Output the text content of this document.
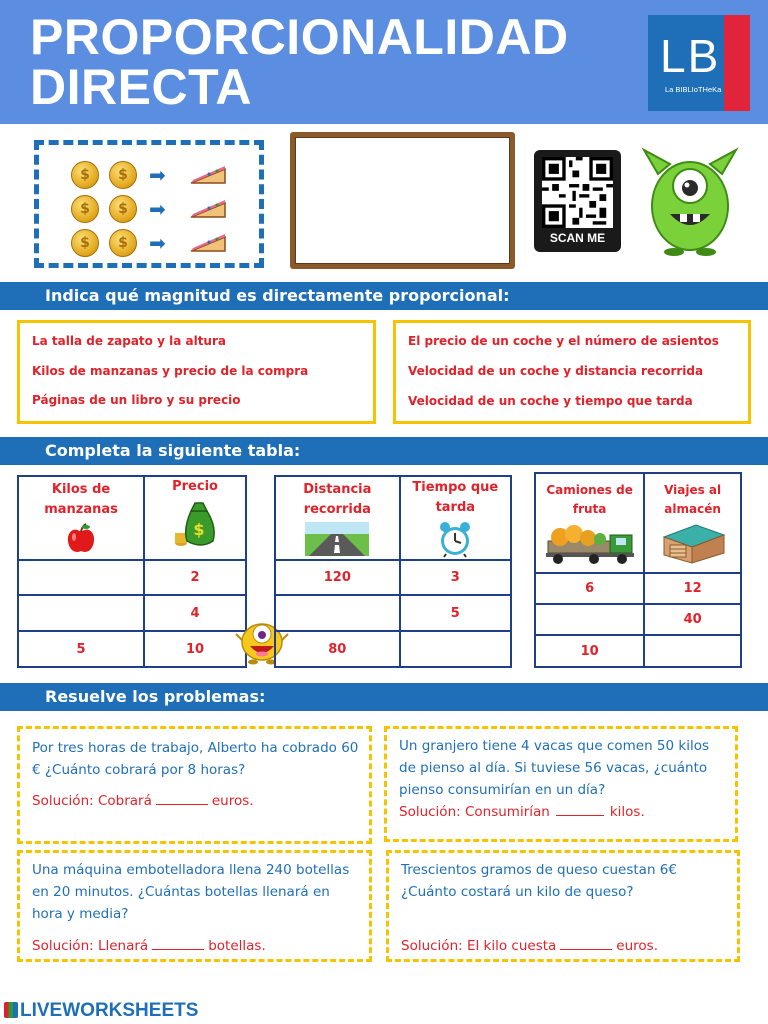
PROPORCIONALIDAD
DIRECTA
LB
La BIBLIoTHeKa
$	$
$	$
$	$
➡
➡
➡	SCAN ME
Indica qué magnitud es directamente proporcional:
La talla de zapato y la altura
Kilos de manzanas y precio de la compra
Páginas de un libro y su precio
El precio de un coche y el número de asientos
Velocidad de un coche y distancia recorrida
Velocidad de un coche y tiempo que tarda
Completa la siguiente tabla:
Kilos de manzanas	Precio
$

	2
	4
5	10
Distancia recorrida	Tiempo que tarda

120	3
	5
80	
Camiones de fruta	Viajes al almacén

6	12
	40
10	
Resuelve los problemas:
Por tres horas de trabajo, Alberto ha cobrado 60 € ¿Cuánto cobrará por 8 horas?
Solución: Cobrará	euros.
Un granjero tiene 4 vacas que comen 50 kilos de pienso al día. Si tuviese 56 vacas, ¿cuánto pienso consumirían en un día?
Solución: Consumirían	kilos.
Una máquina embotelladora llena 240 botellas en 20 minutos. ¿Cuántas botellas llenará en hora y media?
Solución: Llenará	botellas.
Trescientos gramos de queso cuestan 6€ ¿Cuánto costará un kilo de queso?
Solución: El kilo cuesta	euros.
LIVEWORKSHEETS
